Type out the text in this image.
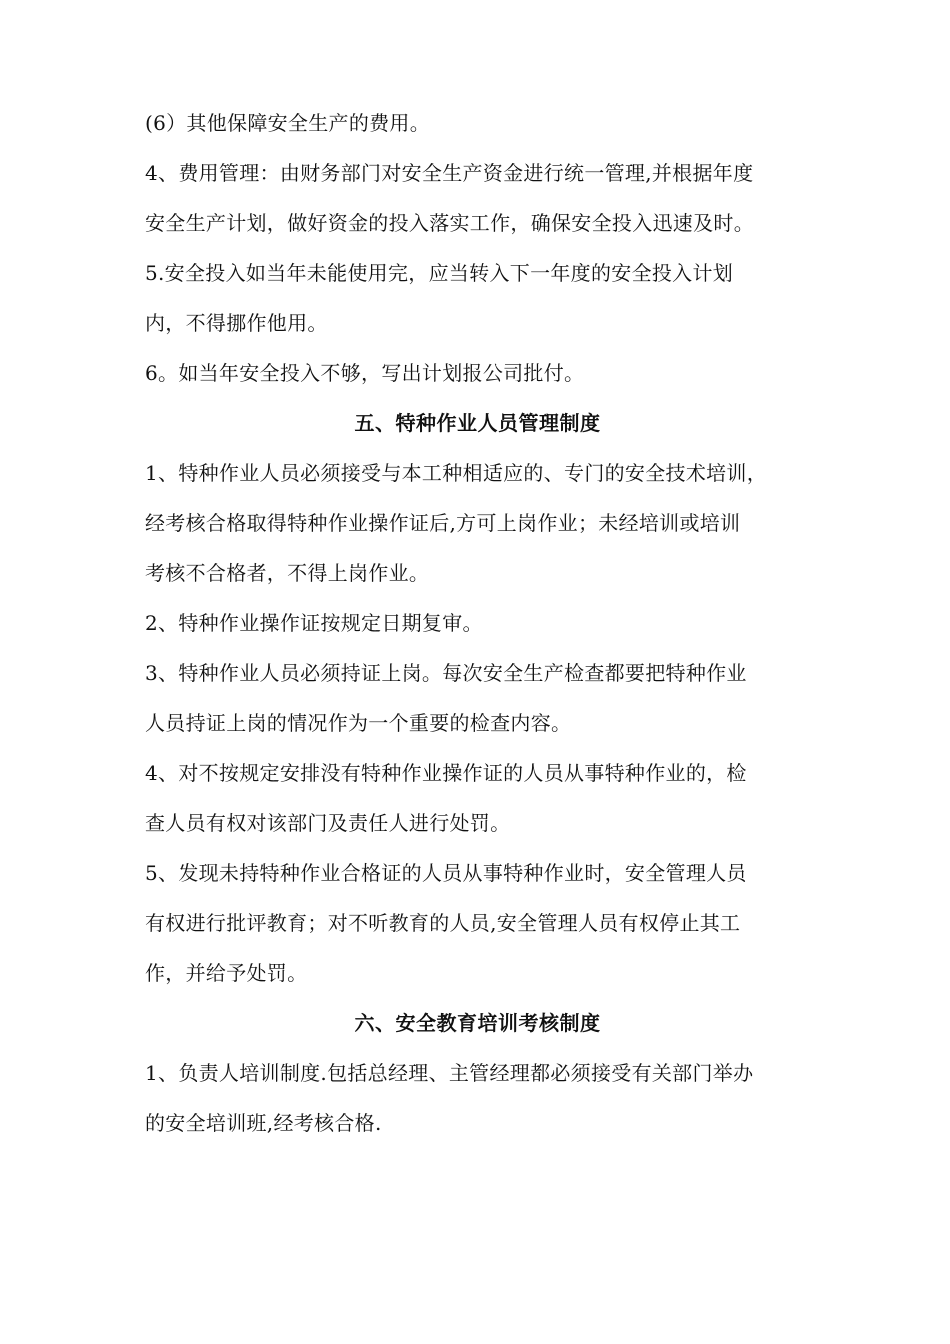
(6）其他保障安全生产的费用。
4、费用管理：由财务部门对安全生产资金进行统一管理,并根据年度
安全生产计划，做好资金的投入落实工作，确保安全投入迅速及时。
5.安全投入如当年未能使用完，应当转入下一年度的安全投入计划
内，不得挪作他用。
6。如当年安全投入不够，写出计划报公司批付。
五、特种作业人员管理制度
1、特种作业人员必须接受与本工种相适应的、专门的安全技术培训，
经考核合格取得特种作业操作证后,方可上岗作业；未经培训或培训
考核不合格者，不得上岗作业。
2、特种作业操作证按规定日期复审。
3、特种作业人员必须持证上岗。每次安全生产检查都要把特种作业
人员持证上岗的情况作为一个重要的检查内容。
4、对不按规定安排没有特种作业操作证的人员从事特种作业的，检
查人员有权对该部门及责任人进行处罚。
5、发现未持特种作业合格证的人员从事特种作业时，安全管理人员
有权进行批评教育；对不听教育的人员,安全管理人员有权停止其工
作，并给予处罚。
六、安全教育培训考核制度
1、负责人培训制度.包括总经理、主管经理都必须接受有关部门举办
的安全培训班,经考核合格.
